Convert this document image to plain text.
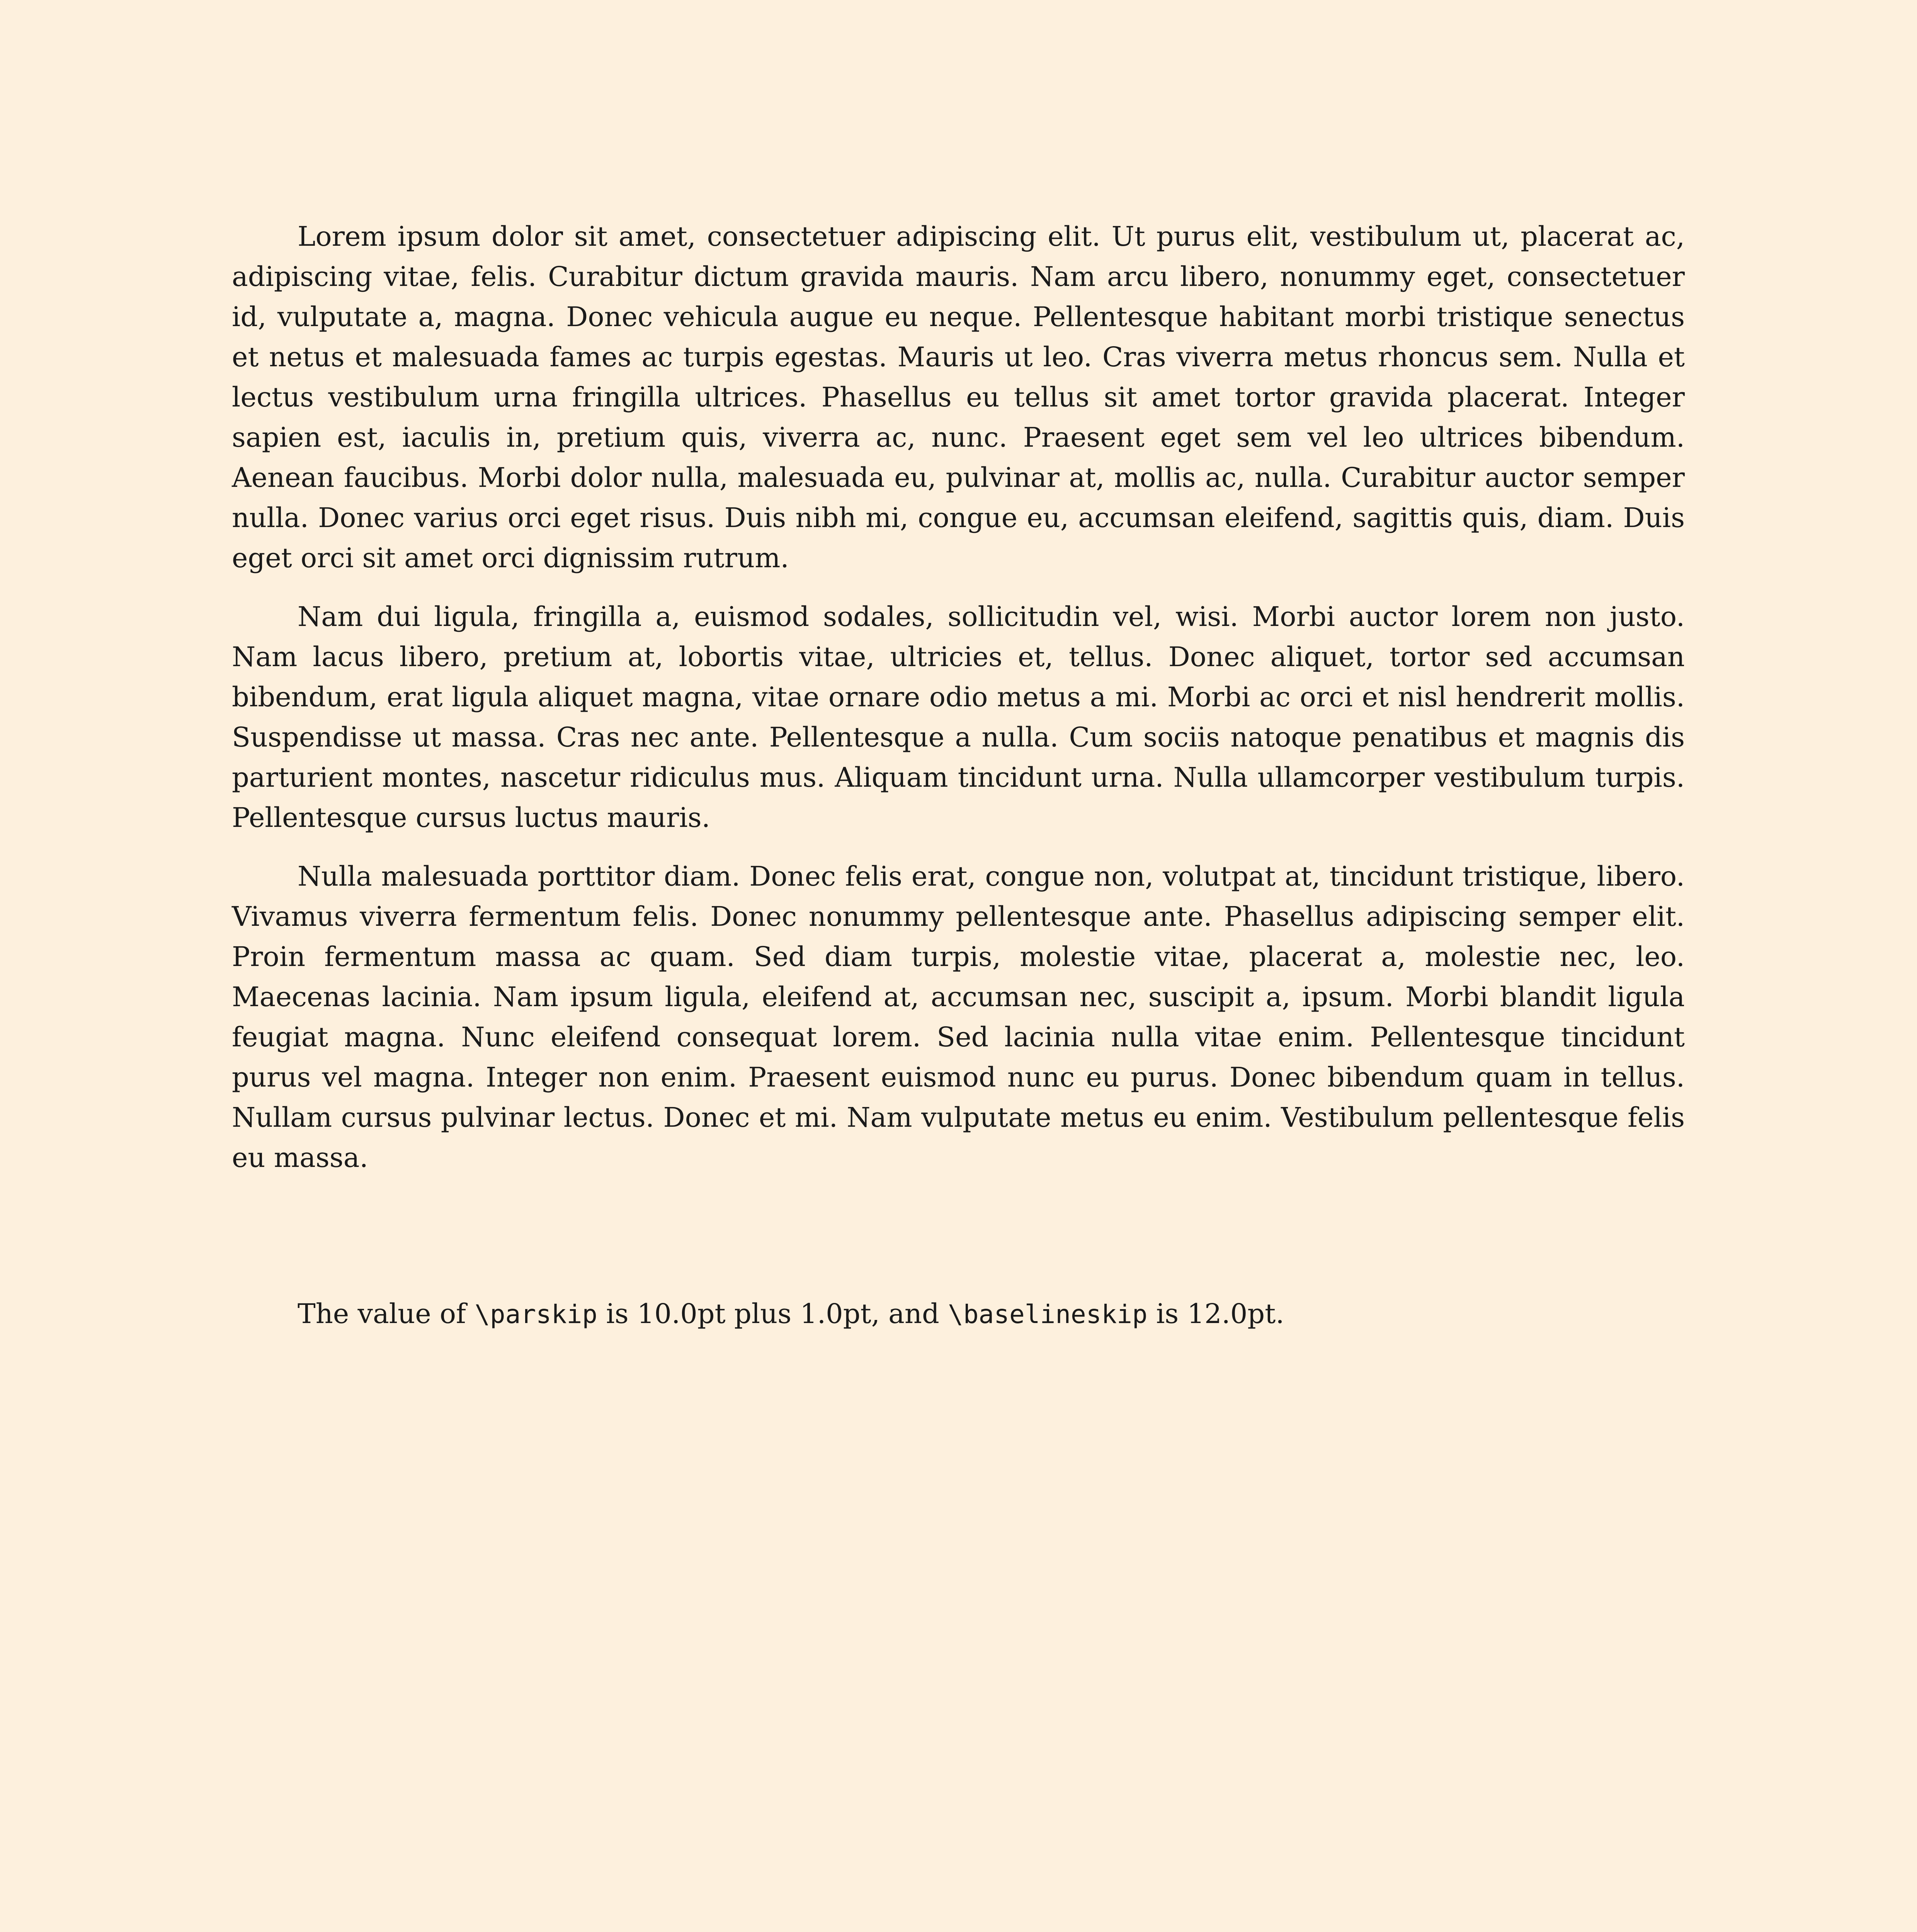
Lorem ipsum dolor sit amet, consectetuer adipiscing elit. Ut purus elit, vestibulum ut, placerat ac, adipiscing vitae, felis. Curabitur dictum gravida mauris. Nam arcu libero, nonummy eget, consectetuer id, vulputate a, magna. Donec vehicula augue eu neque. Pellentesque habitant morbi tristique senectus et netus et malesuada fames ac turpis egestas. Mauris ut leo. Cras viverra metus rhoncus sem. Nulla et lectus vestibulum urna fringilla ultrices. Phasellus eu tellus sit amet tortor gravida placerat. Integer sapien est, iaculis in, pretium quis, viverra ac, nunc. Praesent eget sem vel leo ultrices bibendum. Aenean faucibus. Morbi dolor nulla, malesuada eu, pulvinar at, mollis ac, nulla. Curabitur auctor semper nulla. Donec varius orci eget risus. Duis nibh mi, congue eu, accumsan eleifend, sagittis quis, diam. Duis eget orci sit amet orci dignissim rutrum.

Nam dui ligula, fringilla a, euismod sodales, sollicitudin vel, wisi. Morbi auctor lorem non justo. Nam lacus libero, pretium at, lobortis vitae, ultricies et, tellus. Donec aliquet, tortor sed accumsan bibendum, erat ligula aliquet magna, vitae ornare odio metus a mi. Morbi ac orci et nisl hendrerit mollis. Suspendisse ut massa. Cras nec ante. Pellentesque a nulla. Cum sociis natoque penatibus et magnis dis parturient montes, nascetur ridiculus mus. Aliquam tincidunt urna. Nulla ullamcorper vestibulum turpis. Pellentesque cursus luctus mauris.

Nulla malesuada porttitor diam. Donec felis erat, congue non, volutpat at, tincidunt tristique, libero. Vivamus viverra fermentum felis. Donec nonummy pellentesque ante. Phasellus adipiscing semper elit. Proin fermentum massa ac quam. Sed diam turpis, molestie vitae, placerat a, molestie nec, leo. Maecenas lacinia. Nam ipsum ligula, eleifend at, accumsan nec, suscipit a, ipsum. Morbi blandit ligula feugiat magna. Nunc eleifend consequat lorem. Sed lacinia nulla vitae enim. Pellentesque tincidunt purus vel magna. Integer non enim. Praesent euismod nunc eu purus. Donec bibendum quam in tellus. Nullam cursus pulvinar lectus. Donec et mi. Nam vulputate metus eu enim. Vestibulum pellentesque felis eu massa.

The value of \parskip is 10.0pt plus 1.0pt, and \baselineskip is 12.0pt.
